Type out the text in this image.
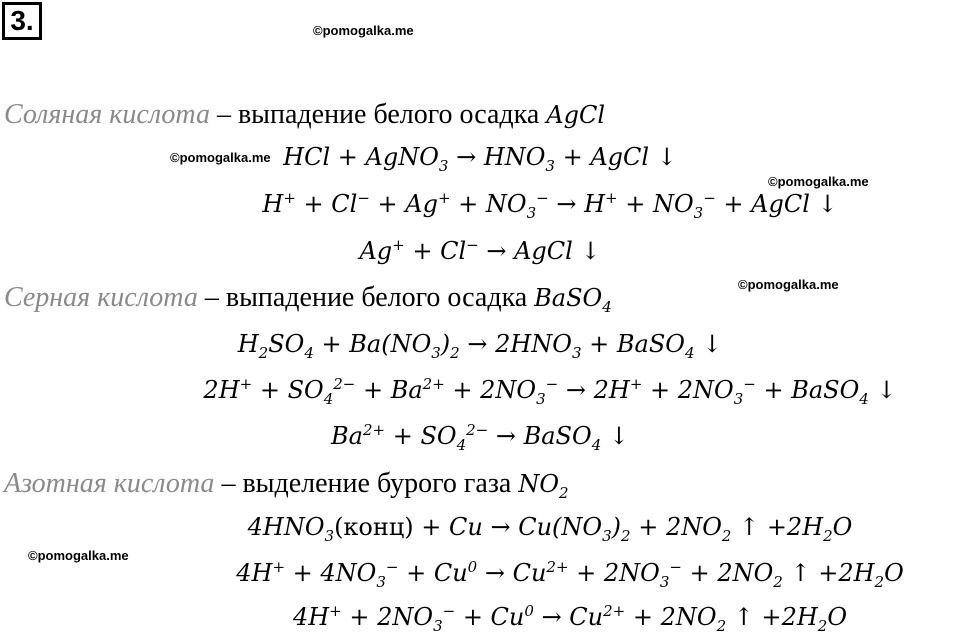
3.	©pomogalka.me
©pomogalka.me
©pomogalka.me
©pomogalka.me
©pomogalka.me
Соляная кислота – выпадение белого осадка AgCl
HCl + AgNO$_3$ → $HNO_3$ + AgCl ↓
$H^+ + Cl^- + Ag^+ + NO_3^- \to H^+ + NO_3^-$ + AgCl ↓
Ag+ + Cl− → AgCl ↓
Серная кислота – выпадение белого осадка BaSO$_4$
$H_2SO_4 + Ba(NO_3)_2 \to 2HNO_3$ + BaSO$_4$ ↓
$2H^+ + SO_4^{2-} + Ba^{2+} + 2NO_3^- \to 2H^+ + 2NO_3^-$ + BaSO$_4$ ↓
$Ba^{2+} + SO_4^{2-}$ → BaSO$_4$ ↓
Азотная кислота – выделение бурого газа $NO_2$
$4HNO_3(конц) + Cu \to Cu(NO_3)_2 + 2NO_2$ ↑ $+2H_2O$
$4H^+ + 4NO_3^- + Cu^0 \to Cu^{2+} + 2NO_3^- + 2NO_2$ ↑ $+2H_2O$
$4H^+ + 2NO_3^- + Cu^0 \to Cu^{2+} + 2NO_2$ ↑ $+2H_2O$
